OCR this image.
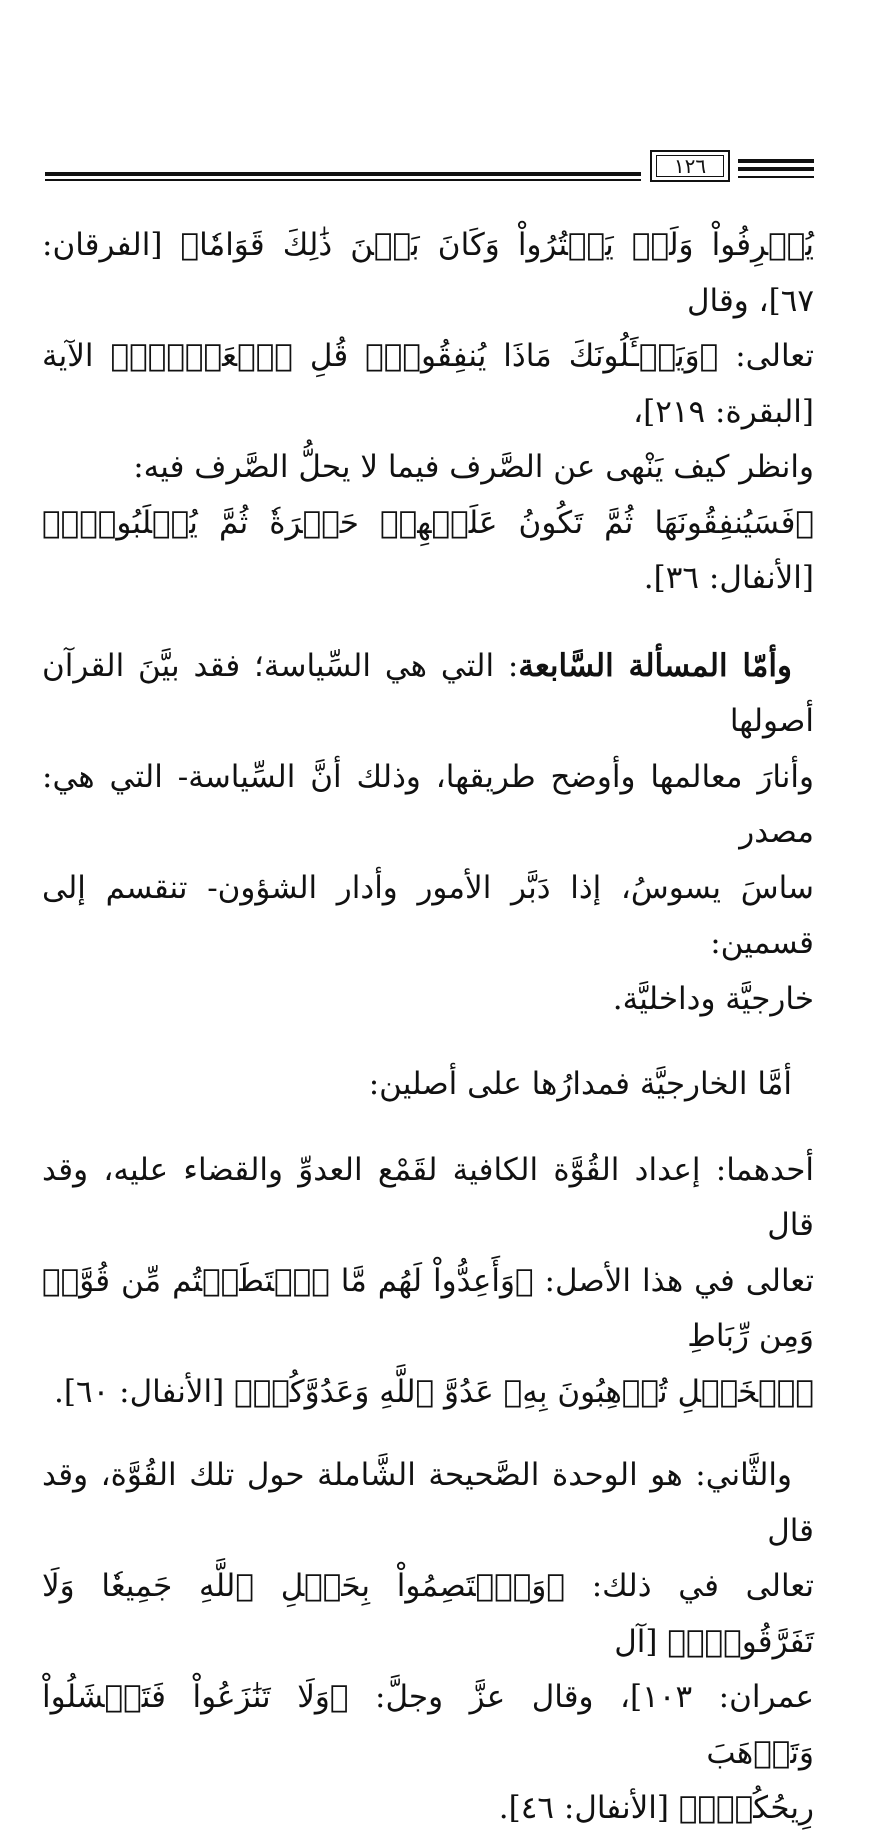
١٢٦

يُسۡرِفُواْ وَلَمۡ يَقۡتُرُواْ وَكَانَ بَيۡنَ ذَٰلِكَ قَوَامٗا﴾ [الفرقان: ٦٧]، وقال
تعالى: ﴿وَيَسۡـَٔلُونَكَ مَاذَا يُنفِقُونَۖ قُلِ ٱلۡعَفۡوَۗ﴾ الآية [البقرة: ٢١٩]،
وانظر كيف يَنْهى عن الصَّرف فيما لا يحلُّ الصَّرف فيه:
﴿فَسَيُنفِقُونَهَا ثُمَّ تَكُونُ عَلَيۡهِمۡ حَسۡرَةٗ ثُمَّ يُغۡلَبُونَۗ﴾ [الأنفال: ٣٦].

وأمّا المسألة السَّابعة: التي هي السِّياسة؛ فقد بيَّنَ القرآن أصولها
وأنارَ معالمها وأوضح طريقها، وذلك أنَّ السِّياسة- التي هي: مصدر
ساسَ يسوسُ، إذا دَبَّر الأمور وأدار الشؤون- تنقسم إلى قسمين:
خارجيَّة وداخليَّة.

أمَّا الخارجيَّة فمدارُها على أصلين:

أحدهما: إعداد القُوَّة الكافية لقَمْع العدوِّ والقضاء عليه، وقد قال
تعالى في هذا الأصل: ﴿وَأَعِدُّواْ لَهُم مَّا ٱسۡتَطَعۡتُم مِّن قُوَّةٖ وَمِن رِّبَاطِ
ٱلۡخَيۡلِ تُرۡهِبُونَ بِهِۦ عَدُوَّ ٱللَّهِ وَعَدُوَّكُمۡ﴾ [الأنفال: ٦٠].

والثَّاني: هو الوحدة الصَّحيحة الشَّاملة حول تلك القُوَّة، وقد قال
تعالى في ذلك: ﴿وَٱعۡتَصِمُواْ بِحَبۡلِ ٱللَّهِ جَمِيعٗا وَلَا تَفَرَّقُواْۚ﴾ [آل
عمران: ١٠٣]، وقال عزَّ وجلَّ: ﴿وَلَا تَنَٰزَعُواْ فَتَفۡشَلُواْ وَتَذۡهَبَ
رِيحُكُمۡۖ﴾ [الأنفال: ٤٦].
